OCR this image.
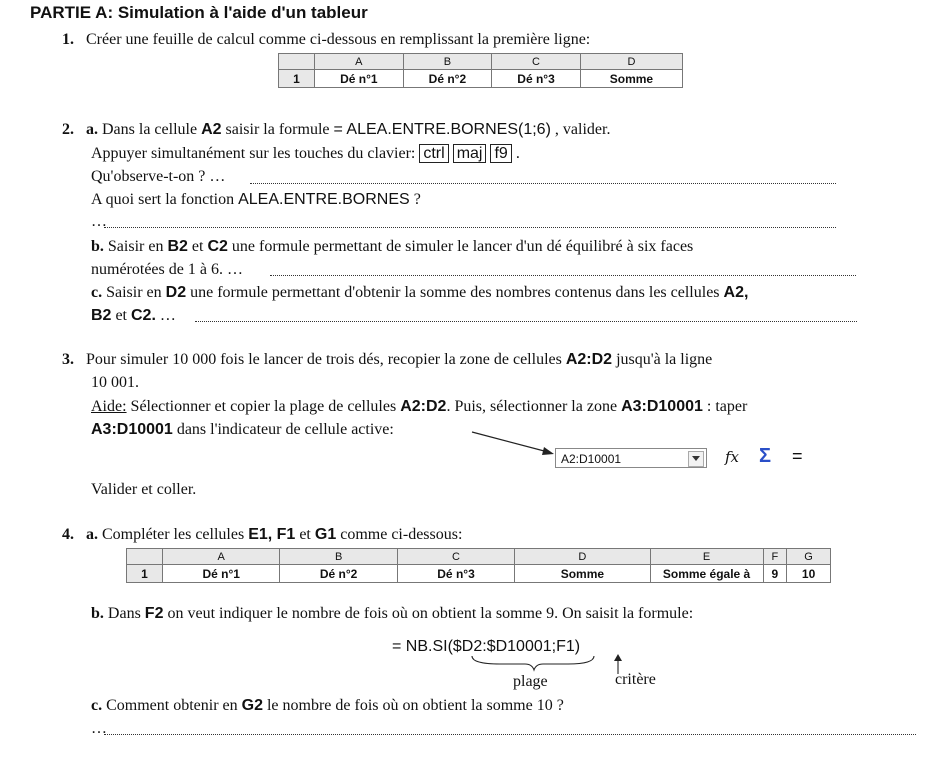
PARTIE A: Simulation à l'aide d'un tableur
1. Créer une feuille de calcul comme ci-dessous en remplissant la première ligne:
	A	B	C	D
1	Dé n°1	Dé n°2	Dé n°3	Somme
2. a. Dans la cellule A2 saisir la formule = ALEA.ENTRE.BORNES(1;6) , valider.
Appuyer simultanément sur les touches du clavier: ctrl maj f9 .
Qu'observe-t-on ? …
A quoi sert la fonction ALEA.ENTRE.BORNES ?
…
b. Saisir en B2 et C2 une formule permettant de simuler le lancer d'un dé équilibré à six faces
numérotées de 1 à 6. …
c. Saisir en D2 une formule permettant d'obtenir la somme des nombres contenus dans les cellules A2,
B2 et C2. …
3. Pour simuler 10 000 fois le lancer de trois dés, recopier la zone de cellules A2:D2 jusqu'à la ligne
10 001.
Aide: Sélectionner et copier la plage de cellules A2:D2. Puis, sélectionner la zone A3:D10001 : taper
A3:D10001 dans l'indicateur de cellule active:
A2:D10001	fx Σ =
Valider et coller.
4. a. Compléter les cellules E1, F1 et G1 comme ci-dessous:
	A	B	C	D	E	F	G
1	Dé n°1	Dé n°2	Dé n°3	Somme	Somme égale à	9	10
b. Dans F2 on veut indiquer le nombre de fois où on obtient la somme 9. On saisit la formule:
= NB.SI($D2:$D10001;F1)
plage	critère
c. Comment obtenir en G2 le nombre de fois où on obtient la somme 10 ?
…
